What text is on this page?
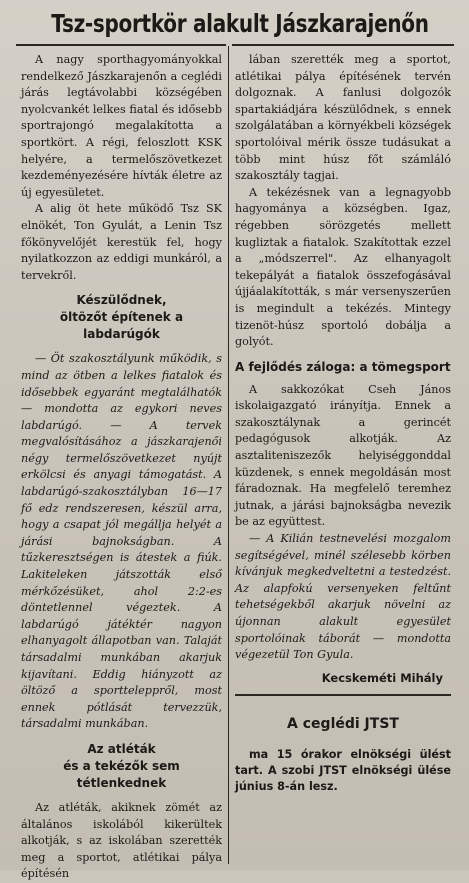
Tsz-sportkör alakult Jászkarajenőn

A nagy sporthagyományokkal rendelkező Jászkarajenőn a ceglédi járás legtávolabbi községében nyolcvankét lelkes fiatal és idősebb sportrajongó megalakította a sportkört. A régi, feloszlott KSK helyére, a termelőszövetkezet kezdeményezésére hívták életre az új egyesületet.

A alig öt hete működő Tsz SK elnökét, Ton Gyulát, a Lenin Tsz főkönyvelőjét kerestük fel, hogy nyilatkozzon az eddigi munkáról, a tervekről.

Készülődnek,
öltözőt építenek a labdarúgók

— Öt szakosztályunk működik, s mind az ötben a lelkes fiatalok és idősebbek egyaránt megtalálhatók — mondotta az egykori neves labdarúgó. — A tervek megvalósításához a jászkarajenői négy termelőszövetkezet nyújt erkölcsi és anyagi támogatást. A labdarúgó-szakosztályban 16—17 fő edz rendszeresen, készül arra, hogy a csapat jól megállja helyét a járási bajnokságban. A tűzkeresztségen is átestek a fiúk. Lakiteleken játszották első mérkőzésüket, ahol 2:2-es döntetlennel végeztek. A labdarúgó játéktér nagyon elhanyagolt állapotban van. Talaját társadalmi munkában akarjuk kijavítani. Eddig hiányzott az öltöző a sportteleppről, most ennek pótlását tervezzük, társadalmi munkában.

Az atléták
és a tekézők sem tétlenkednek

Az atléták, akiknek zömét az általános iskolából kikerültek alkotják, s az iskolában szerették meg a sportot, atlétikai pálya építésén

lában szerették meg a sportot, atlétikai pálya építésének tervén dolgoznak. A fanlusi dolgozók spartakiádjára készülődnek, s ennek szolgálatában a környékbeli községek sportolóival mérik össze tudásukat a több mint húsz főt számláló szakosztály tagjai.

A tekézésnek van a legnagyobb hagyománya a községben. Igaz, régebben sörözgetés mellett kugliztak a fiatalok. Szakítottak ezzel a „módszerrel". Az elhanyagolt tekepályát a fiatalok összefogásával újjáalakították, s már versenyszerűen is megindult a tekézés. Mintegy tizenöt-húsz sportoló dobálja a golyót.

A fejlődés záloga: a tömegsport

A sakkozókat Cseh János iskolaigazgató irányítja. Ennek a szakosztálynak a gerincét pedagógusok alkotják. Az asztaliteniszezők helyiséggonddal küzdenek, s ennek megoldásán most fáradoznak. Ha megfelelő teremhez jutnak, a járási bajnokságba nevezik be az együttest.

— A Kilián testnevelési mozgalom segítségével, minél szélesebb körben kívánjuk megkedveltetni a testedzést. Az alapfokú versenyeken feltűnt tehetségekből akarjuk növelni az újonnan alakult egyesület sportolóinak táborát — mondotta végezetül Ton Gyula.

Kecskeméti Mihály
A ceglédi JTST

ma 15 órakor elnökségi ülést tart. A szobi JTST elnökségi ülése június 8-án lesz.
